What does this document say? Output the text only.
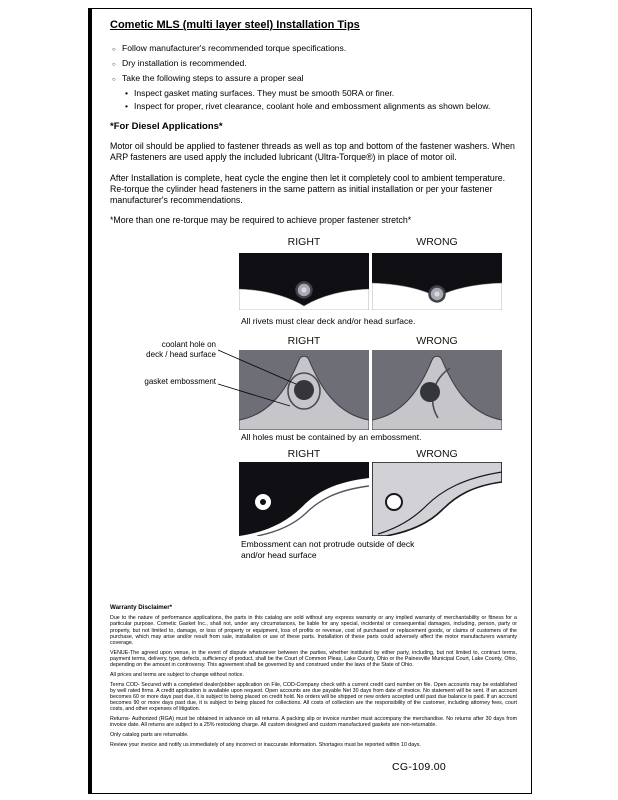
Cometic MLS (multi layer steel) Installation Tips
○ Follow manufacturer's recommended torque specifications.
○ Dry installation is recommended.
○ Take the following steps to assure a proper seal
• Inspect gasket mating surfaces. They must be smooth 50RA or finer.
• Inspect for proper, rivet clearance, coolant hole and embossment alignments as shown below.
*For Diesel Applications*

Motor oil should be applied to fastener threads as well as top and bottom of the fastener washers. When ARP fasteners are used apply the included lubricant (Ultra-Torque®) in place of motor oil.

After Installation is complete, heat cycle the engine then let it completely cool to ambient temperature. Re-torque the cylinder head fasteners in the same pattern as initial installation or per your fastener manufacturer's recommendations.

*More than one re-torque may be required to achieve proper fastener stretch*

RIGHT	WRONG
All rivets must clear deck and/or head surface.
RIGHT	WRONG
coolant hole on
deck / head surface
gasket embossment
All holes must be contained by an embossment.
RIGHT	WRONG
Embossment can not protrude outside of deck
and/or head surface
Warranty Disclaimer*

Due to the nature of performance applications, the parts in this catalog are sold without any express warranty or any implied warranty of merchantability or fitness for a particular purpose. Cometic Gasket Inc., shall not, under any circumstances, be liable for any special, incidental or consequential damages, including, person, party or property, but not limited to, damage, or loss of property or equipment, loss of profits or revenue, cost of purchased or replacement goods, or claims of customers of the purchase, which may arise and/or result from sale, installation or use of these parts. Installation of these parts could adversely affect the motor manufacturers warranty coverage.

VENUE-The agreed upon venue, in the event of dispute whatsoever between the parties, whether instituted by either party, including, but not limited to, contract terms, payment terms, delivery, type, defects, sufficiency of product, shall be the Court of Common Pleas, Lake County, Ohio or the Painesville Municipal Court, Lake County, Ohio, depending on the amount in controversy. This agreement shall be governed by and construed under the laws of the State of Ohio.

All prices and terms are subject to change without notice.

Terms COD- Secured with a completed dealer/jobber application on File, COD-Company check with a current credit card number on file. Open accounts may be established by well rated firms. A credit application is available upon request. Open accounts are due payable Net 30 days from date of invoice. No statement will be sent. If an account becomes 60 or more days past due, it is subject to being placed on credit hold. No orders will be shipped or new orders accepted until past due balance is paid. If an account becomes 90 or more days past due, it is subject to being placed for collections. All costs of collection are the responsibility of the customer, including attorney fees, court costs, and other expenses of litigation.

Returns- Authorized (RGA) must be obtained in advance on all returns. A packing slip or invoice number must accompany the merchandise. No returns after 30 days from invoice date. All returns are subject to a 25% restocking charge. All custom designed and custom manufactured gaskets are non-returnable.

Only catalog parts are returnable.

Review your invoice and notify us immediately of any incorrect or inaccurate information. Shortages must be reported within 10 days.

CG-109.00
